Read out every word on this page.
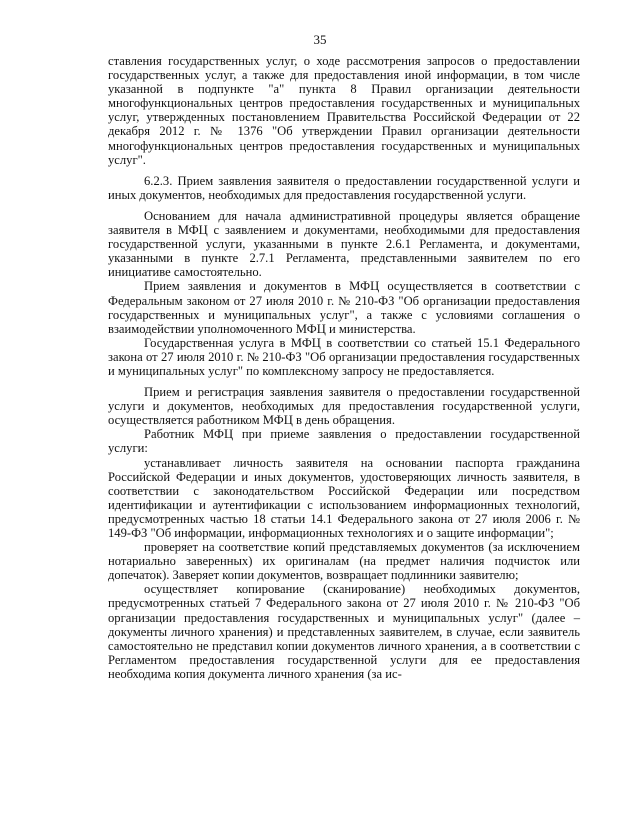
35

ставления государственных услуг, о ходе рассмотрения запросов о предоставлении государственных услуг, а также для предоставления иной информации, в том числе указанной в подпункте "а" пункта 8 Правил организации деятельности многофункциональных центров предоставления государственных и муниципальных услуг, утвержденных постановлением Правительства Российской Федерации от 22 декабря 2012 г. № 1376 "Об утверждении Правил организации деятельности многофункциональных центров предоставления государственных и муниципальных услуг".

6.2.3. Прием заявления заявителя о предоставлении государственной услуги и иных документов, необходимых для предоставления государственной услуги.

Основанием для начала административной процедуры является обращение заявителя в МФЦ с заявлением и документами, необходимыми для предоставления государственной услуги, указанными в пункте 2.6.1 Регламента, и документами, указанными в пункте 2.7.1 Регламента, представленными заявителем по его инициативе самостоятельно.

Прием заявления и документов в МФЦ осуществляется в соответствии с Федеральным законом от 27 июля 2010 г. № 210-ФЗ "Об организации предоставления государственных и муниципальных услуг", а также с условиями соглашения о взаимодействии уполномоченного МФЦ и министерства.

Государственная услуга в МФЦ в соответствии со статьей 15.1 Федерального закона от 27 июля 2010 г. № 210-ФЗ "Об организации предоставления государственных и муниципальных услуг" по комплексному запросу не предоставляется.

Прием и регистрация заявления заявителя о предоставлении государственной услуги и документов, необходимых для предоставления государственной услуги, осуществляется работником МФЦ в день обращения.

Работник МФЦ при приеме заявления о предоставлении государственной услуги:

устанавливает личность заявителя на основании паспорта гражданина Российской Федерации и иных документов, удостоверяющих личность заявителя, в соответствии с законодательством Российской Федерации или посредством идентификации и аутентификации с использованием информационных технологий, предусмотренных частью 18 статьи 14.1 Федерального закона от 27 июля 2006 г. № 149-ФЗ "Об информации, информационных технологиях и о защите информации";

проверяет на соответствие копий представляемых документов (за исключением нотариально заверенных) их оригиналам (на предмет наличия подчисток или допечаток). Заверяет копии документов, возвращает подлинники заявителю;

осуществляет копирование (сканирование) необходимых документов, предусмотренных статьей 7 Федерального закона от 27 июля 2010 г. № 210-ФЗ "Об организации предоставления государственных и муниципальных услуг" (далее – документы личного хранения) и представленных заявителем, в случае, если заявитель самостоятельно не представил копии документов личного хранения, а в соответствии с Регламентом предоставления государственной услуги для ее предоставления необходима копия документа личного хранения (за ис-
